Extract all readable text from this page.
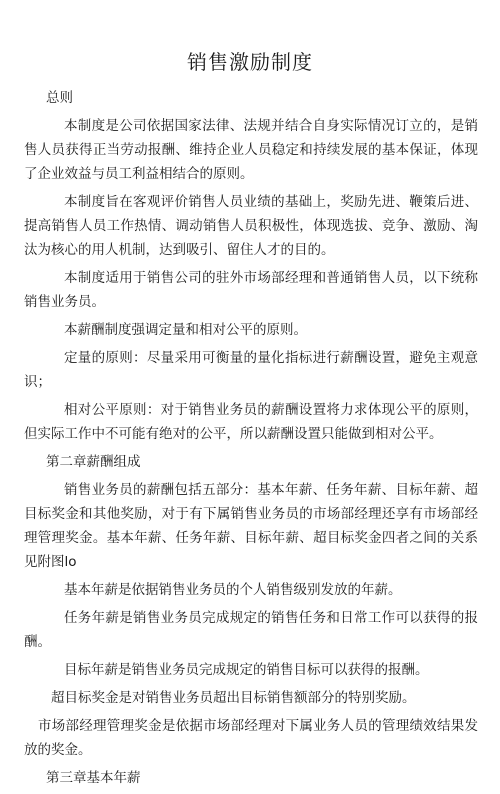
销售激励制度
总则

本制度是公司依据国家法律、法规并结合自身实际情况订立的，是销售人员获得正当劳动报酬、维持企业人员稳定和持续发展的基本保证，体现了企业效益与员工利益相结合的原则。

本制度旨在客观评价销售人员业绩的基础上，奖励先进、鞭策后进、提高销售人员工作热情、调动销售人员积极性，体现选拔、竞争、激励、淘汰为核心的用人机制，达到吸引、留住人才的目的。

本制度适用于销售公司的驻外市场部经理和普通销售人员，以下统称销售业务员。

本薪酬制度强调定量和相对公平的原则。

定量的原则：尽量采用可衡量的量化指标进行薪酬设置，避免主观意识；

相对公平原则：对于销售业务员的薪酬设置将力求体现公平的原则，但实际工作中不可能有绝对的公平，所以薪酬设置只能做到相对公平。

第二章薪酬组成

销售业务员的薪酬包括五部分：基本年薪、任务年薪、目标年薪、超目标奖金和其他奖励，对于有下属销售业务员的市场部经理还享有市场部经理管理奖金。基本年薪、任务年薪、目标年薪、超目标奖金四者之间的关系见附图lo

基本年薪是依据销售业务员的个人销售级别发放的年薪。

任务年薪是销售业务员完成规定的销售任务和日常工作可以获得的报酬。

目标年薪是销售业务员完成规定的销售目标可以获得的报酬。

超目标奖金是对销售业务员超出目标销售额部分的特别奖励。

市场部经理管理奖金是依据市场部经理对下属业务人员的管理绩效结果发放的奖金。

第三章基本年薪
